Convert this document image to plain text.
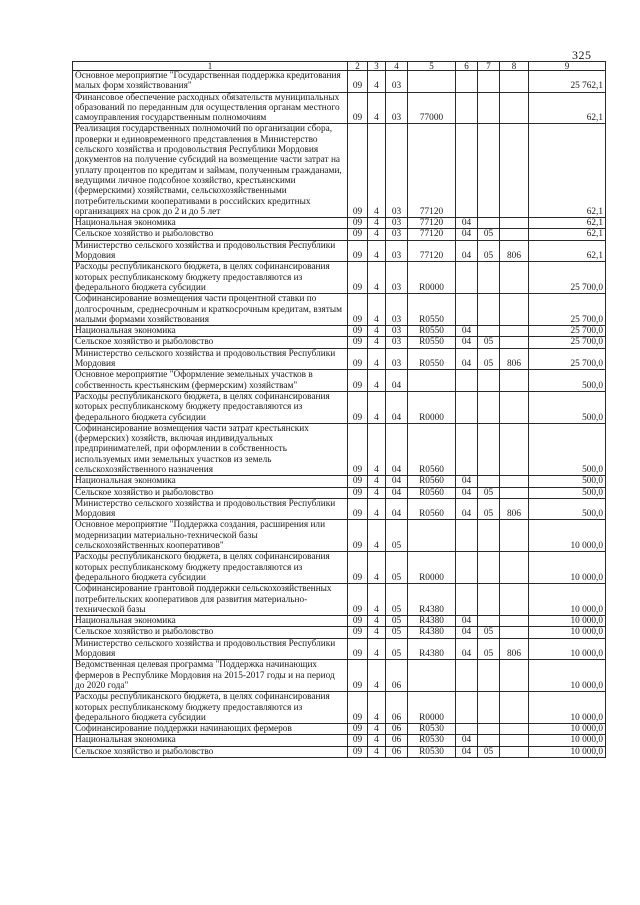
325
1	2	3	4	5	6	7	8	9
Основное мероприятие "Государственная поддержка кредитования малых форм хозяйствования"	09	4	03					25 762,1
Финансовое обеспечение расходных обязательств муниципальных образований по переданным для осуществления органам местного самоуправления государственным полномочиям	09	4	03	77000				62,1
Реализация государственных полномочий по организации сбора, проверки и единовременного представления в Министерство сельского хозяйства и продовольствия Республики Мордовия документов на получение субсидий на возмещение части затрат на уплату процентов по кредитам и займам, полученным гражданами, ведущими личное подсобное хозяйство, крестьянскими (фермерскими) хозяйствами, сельскохозяйственными потребительскими кооперативами в российских кредитных организациях на срок до 2 и до 5 лет	09	4	03	77120				62,1
Национальная экономика	09	4	03	77120	04			62,1
Сельское хозяйство и рыболовство	09	4	03	77120	04	05		62,1
Министерство сельского хозяйства и продовольствия Республики Мордовия	09	4	03	77120	04	05	806	62,1
Расходы республиканского бюджета, в целях софинансирования которых республиканскому бюджету предоставляются из федерального бюджета субсидии	09	4	03	R0000				25 700,0
Софинансирование возмещения части процентной ставки по долгосрочным, среднесрочным и краткосрочным кредитам, взятым малыми формами хозяйствования	09	4	03	R0550				25 700,0
Национальная экономика	09	4	03	R0550	04			25 700,0
Сельское хозяйство и рыболовство	09	4	03	R0550	04	05		25 700,0
Министерство сельского хозяйства и продовольствия Республики Мордовия	09	4	03	R0550	04	05	806	25 700,0
Основное мероприятие "Оформление земельных участков в собственность крестьянским (фермерским) хозяйствам"	09	4	04					500,0
Расходы республиканского бюджета, в целях софинансирования которых республиканскому бюджету предоставляются из федерального бюджета субсидии	09	4	04	R0000				500,0
Софинансирование возмещения части затрат крестьянских (фермерских) хозяйств, включая индивидуальных предпринимателей, при оформлении в собственность используемых ими земельных участков из земель сельскохозяйственного назначения	09	4	04	R0560				500,0
Национальная экономика	09	4	04	R0560	04			500,0
Сельское хозяйство и рыболовство	09	4	04	R0560	04	05		500,0
Министерство сельского хозяйства и продовольствия Республики Мордовия	09	4	04	R0560	04	05	806	500,0
Основное мероприятие "Поддержка создания, расширения или модернизации материально-технической базы сельскохозяйственных кооперативов"	09	4	05					10 000,0
Расходы республиканского бюджета, в целях софинансирования которых республиканскому бюджету предоставляются из федерального бюджета субсидии	09	4	05	R0000				10 000,0
Софинансирование грантовой поддержки сельскохозяйственных потребительских кооперативов для развития материально-технической базы	09	4	05	R4380				10 000,0
Национальная экономика	09	4	05	R4380	04			10 000,0
Сельское хозяйство и рыболовство	09	4	05	R4380	04	05		10 000,0
Министерство сельского хозяйства и продовольствия Республики Мордовия	09	4	05	R4380	04	05	806	10 000,0
Ведомственная целевая программа "Поддержка начинающих фермеров в Республике Мордовия на 2015-2017 годы и на период до 2020 года"	09	4	06					10 000,0
Расходы республиканского бюджета, в целях софинансирования которых республиканскому бюджету предоставляются из федерального бюджета субсидии	09	4	06	R0000				10 000,0
Софинансирование поддержки начинающих фермеров	09	4	06	R0530				10 000,0
Национальная экономика	09	4	06	R0530	04			10 000,0
Сельское хозяйство и рыболовство	09	4	06	R0530	04	05		10 000,0
